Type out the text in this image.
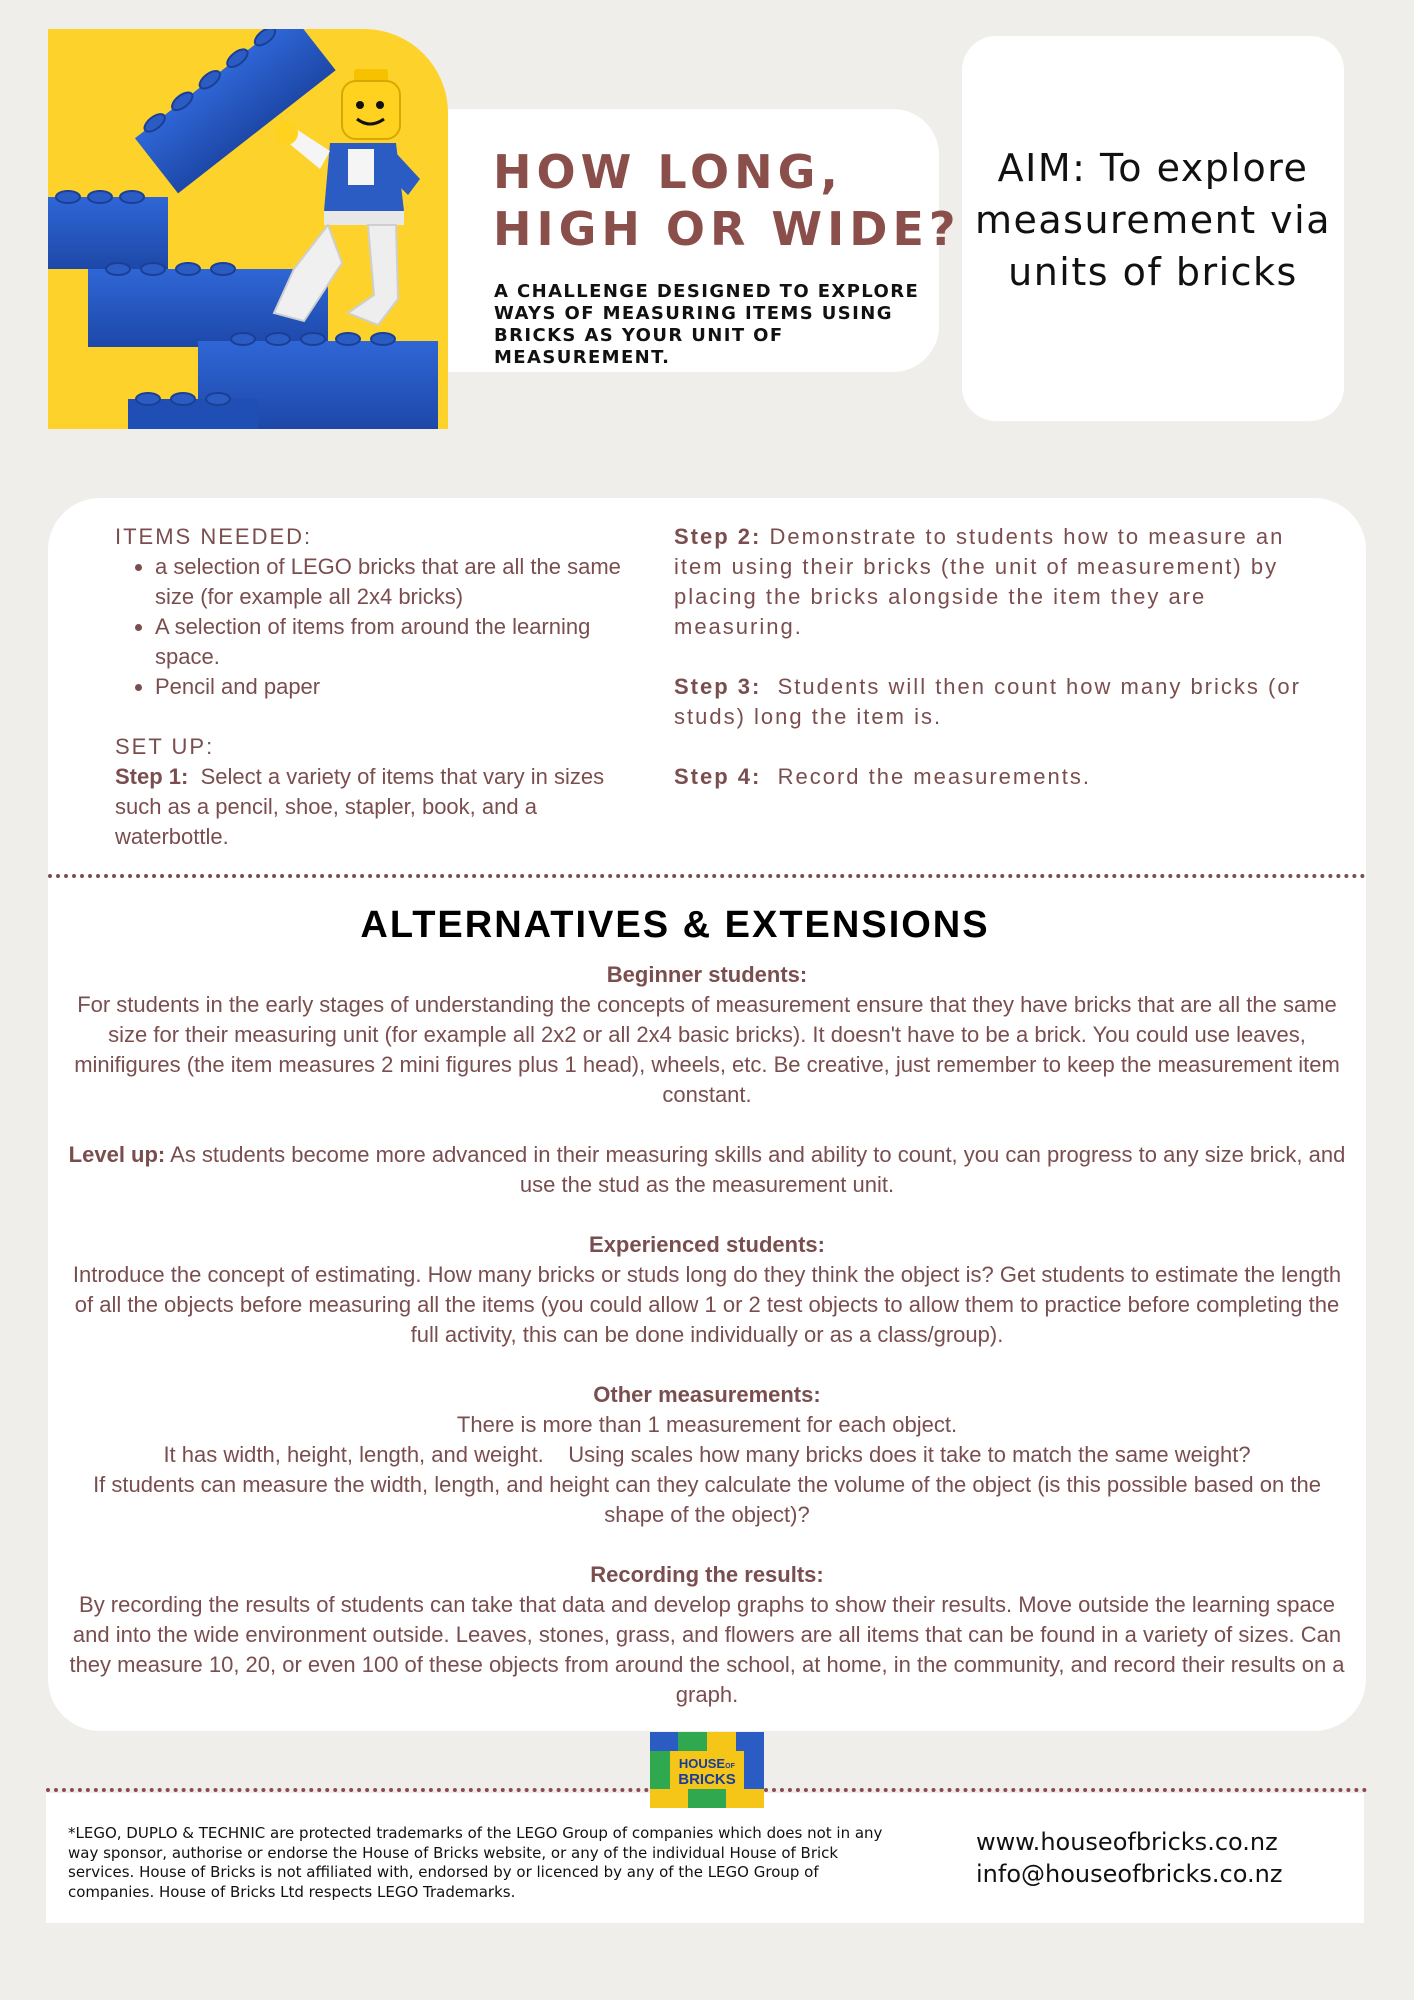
HOW LONG,
HIGH OR WIDE?

A CHALLENGE DESIGNED TO EXPLORE WAYS OF MEASURING ITEMS USING BRICKS AS YOUR UNIT OF MEASUREMENT.

AIM: To explore
measurement via
units of bricks

ITEMS NEEDED:
• a selection of LEGO bricks that are all the same size (for example all 2x4 bricks)
• A selection of items from around the learning space.
• Pencil and paper
SET UP:

Step 1:  Select a variety of items that vary in sizes such as a pencil, shoe, stapler, book, and a waterbottle.

Step 2: Demonstrate to students how to measure an item using their bricks (the unit of measurement) by placing the bricks alongside the item they are measuring.

Step 3:  Students will then count how many bricks (or studs) long the item is.

Step 4:  Record the measurements.

ALTERNATIVES & EXTENSIONS
Beginner students:
For students in the early stages of understanding the concepts of measurement ensure that they have bricks that are all the same size for their measuring unit (for example all 2x2 or all 2x4 basic bricks). It doesn't have to be a brick. You could use leaves, minifigures (the item measures 2 mini figures plus 1 head), wheels, etc. Be creative, just remember to keep the measurement item constant.
Level up: As students become more advanced in their measuring skills and ability to count, you can progress to any size brick, and use the stud as the measurement unit.
Experienced students:
Introduce the concept of estimating. How many bricks or studs long do they think the object is? Get students to estimate the length of all the objects before measuring all the items (you could allow 1 or 2 test objects to allow them to practice before completing the full activity, this can be done individually or as a class/group).
Other measurements:
There is more than 1 measurement for each object.
It has width, height, length, and weight.    Using scales how many bricks does it take to match the same weight?
If students can measure the width, length, and height can they calculate the volume of the object (is this possible based on the shape of the object)?
Recording the results:
By recording the results of students can take that data and develop graphs to show their results. Move outside the learning space and into the wide environment outside. Leaves, stones, grass, and flowers are all items that can be found in a variety of sizes. Can they measure 10, 20, or even 100 of these objects from around the school, at home, in the community, and record their results on a graph.
HOUSE OF
BRICKS

*LEGO, DUPLO & TECHNIC are protected trademarks of the LEGO Group of companies which does not in any way sponsor, authorise or endorse the House of Bricks website, or any of the individual House of Brick services. House of Bricks is not affiliated with, endorsed by or licenced by any of the LEGO Group of companies. House of Bricks Ltd respects LEGO Trademarks.

www.houseofbricks.co.nz
info@houseofbricks.co.nz
